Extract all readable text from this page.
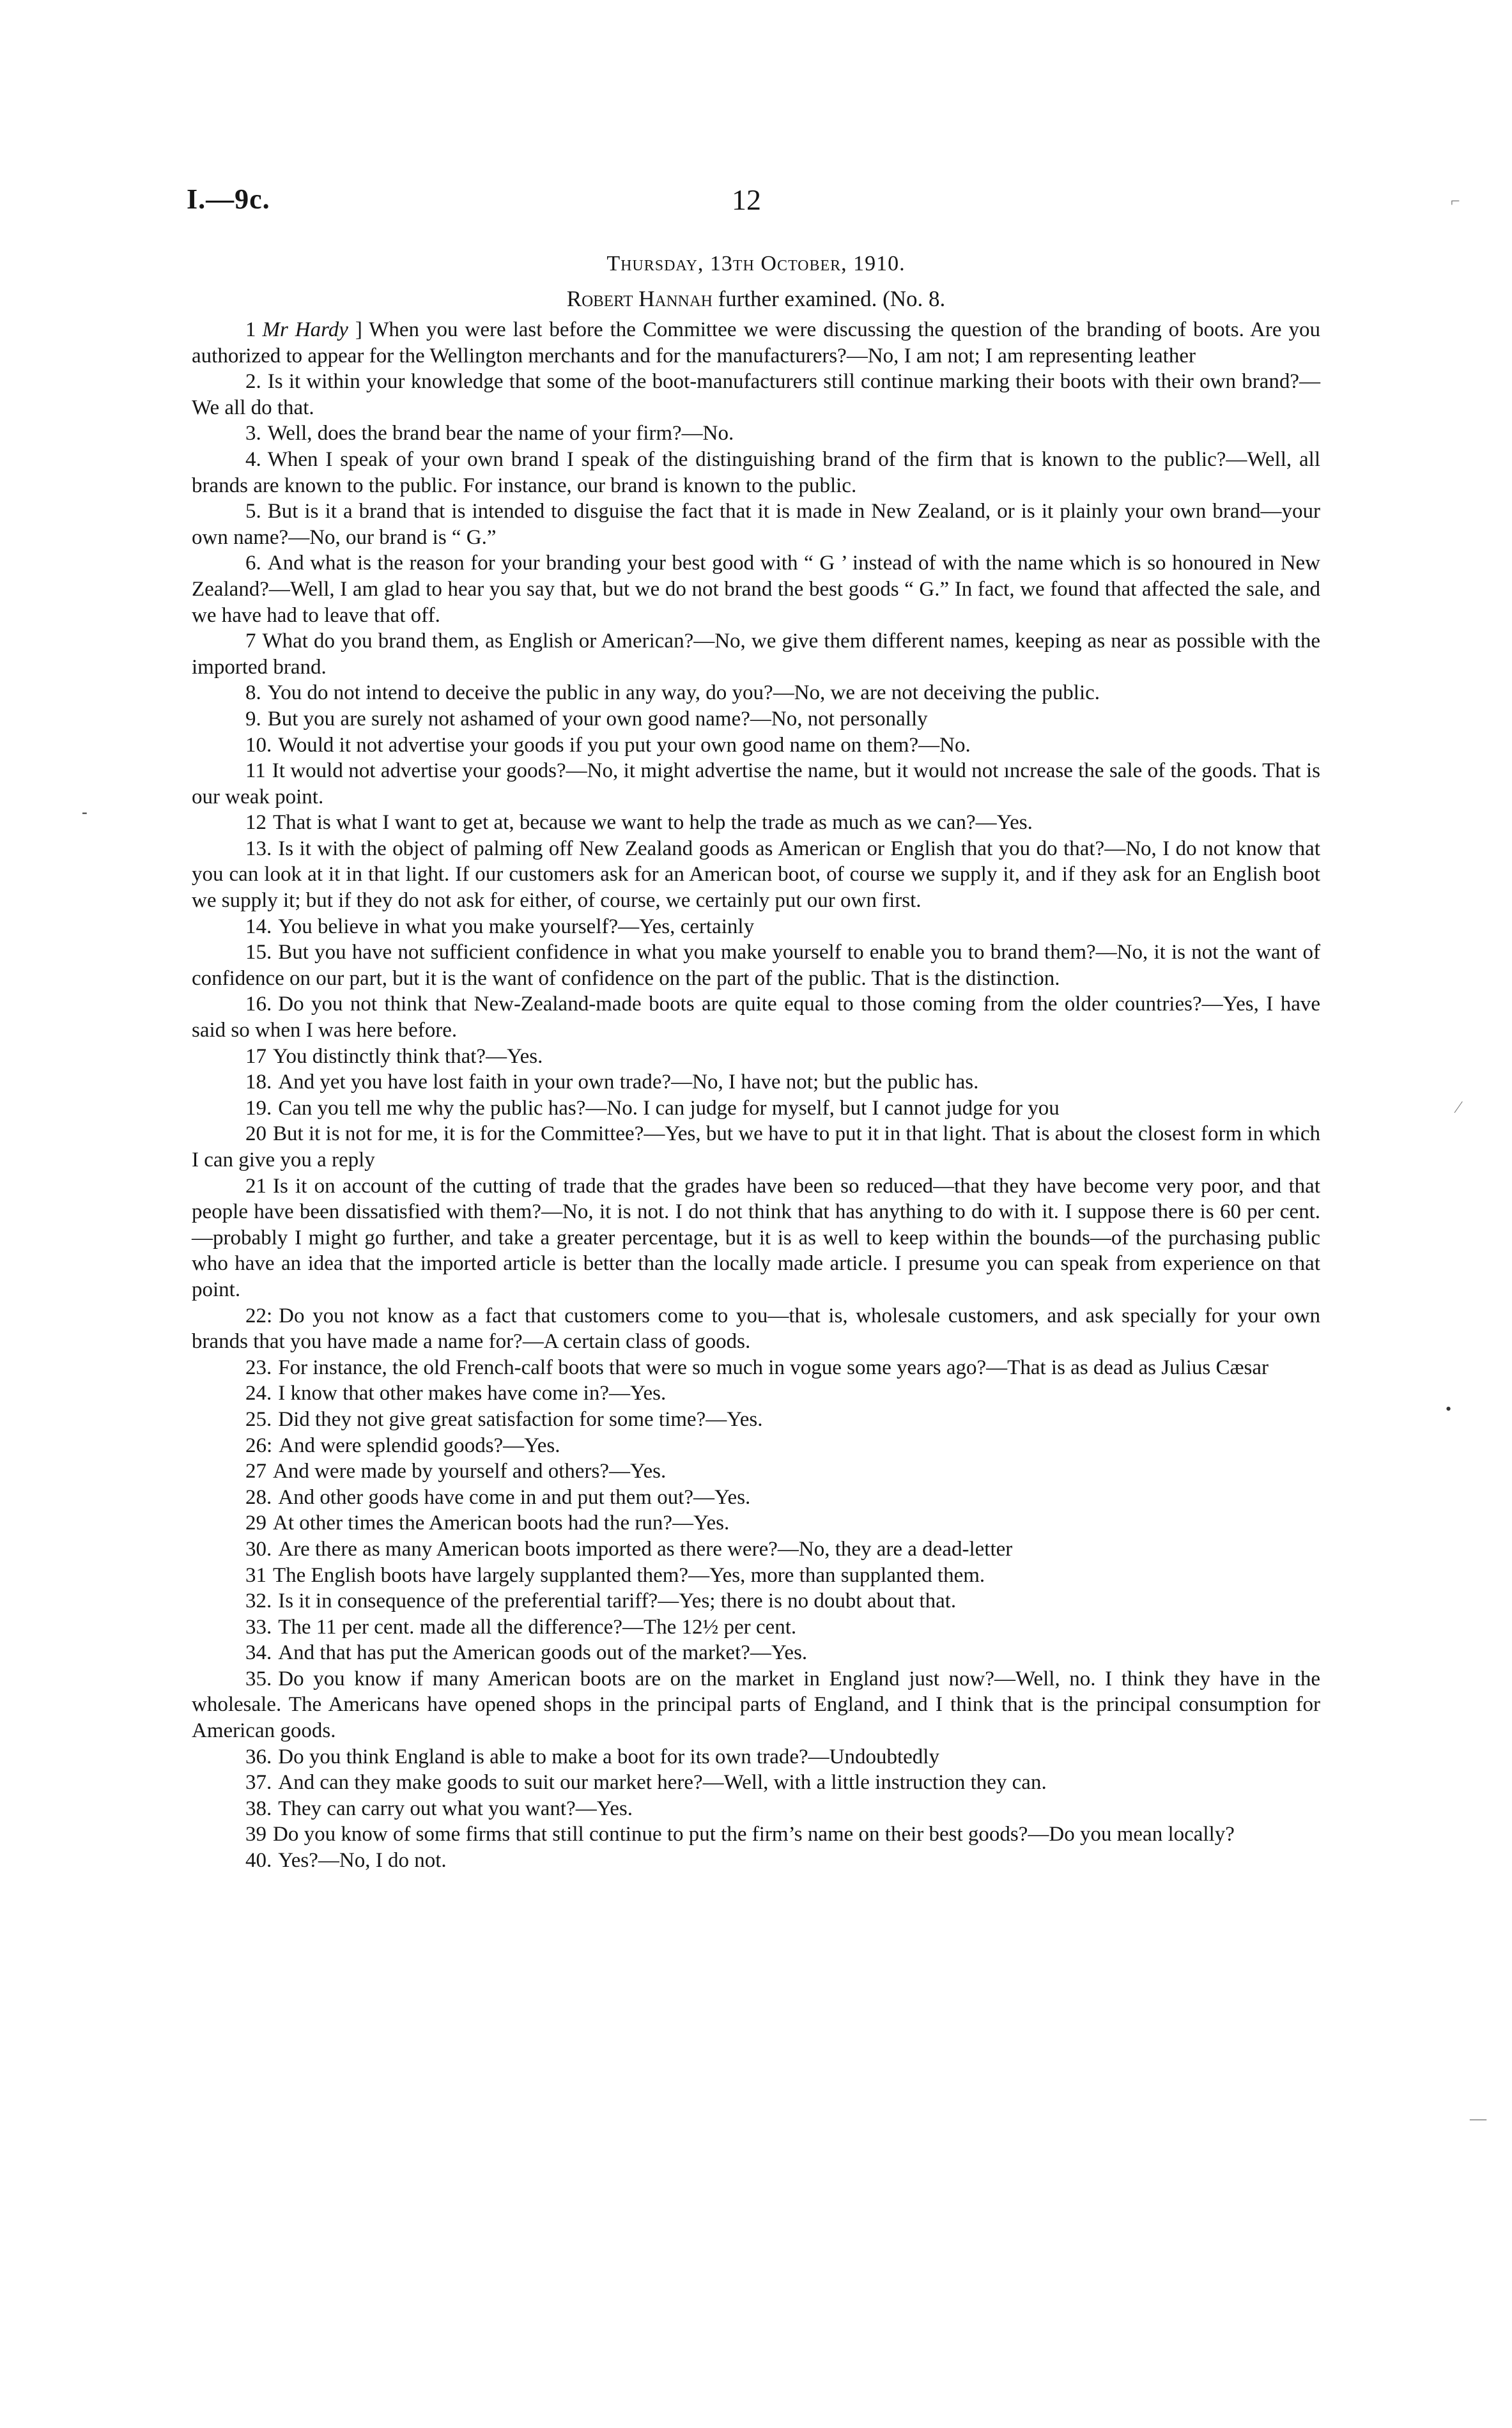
I.—9c.	12
Thursday, 13th October, 1910.
Robert Hannah further examined. (No. 8.

1 Mr Hardy ] When you were last before the Committee we were discussing the question of the branding of boots. Are you authorized to appear for the Wellington merchants and for the manufacturers?—No, I am not; I am representing leather

2. Is it within your knowledge that some of the boot-manufacturers still continue marking their boots with their own brand?—We all do that.

3. Well, does the brand bear the name of your firm?—No.

4. When I speak of your own brand I speak of the distinguishing brand of the firm that is known to the public?—Well, all brands are known to the public. For instance, our brand is known to the public.

5. But is it a brand that is intended to disguise the fact that it is made in New Zealand, or is it plainly your own brand—your own name?—No, our brand is “ G.”

6. And what is the reason for your branding your best good with “ G ’ instead of with the name which is so honoured in New Zealand?—Well, I am glad to hear you say that, but we do not brand the best goods “ G.” In fact, we found that affected the sale, and we have had to leave that off.

7 What do you brand them, as English or American?—No, we give them different names, keeping as near as possible with the imported brand.

8. You do not intend to deceive the public in any way, do you?—No, we are not deceiving the public.

9. But you are surely not ashamed of your own good name?—No, not personally

10. Would it not advertise your goods if you put your own good name on them?—No.

11 It would not advertise your goods?—No, it might advertise the name, but it would not ıncrease the sale of the goods. That is our weak point.

12 That is what I want to get at, because we want to help the trade as much as we can?—Yes.

13. Is it with the object of palming off New Zealand goods as American or English that you do that?—No, I do not know that you can look at it in that light. If our customers ask for an American boot, of course we supply it, and if they ask for an English boot we supply it; but if they do not ask for either, of course, we certainly put our own first.

14. You believe in what you make yourself?—Yes, certainly

15. But you have not sufficient confidence in what you make yourself to enable you to brand them?—No, it is not the want of confidence on our part, but it is the want of confidence on the part of the public. That is the distinction.

16. Do you not think that New-Zealand-made boots are quite equal to those coming from the older countries?—Yes, I have said so when I was here before.

17 You distinctly think that?—Yes.

18. And yet you have lost faith in your own trade?—No, I have not; but the public has.

19. Can you tell me why the public has?—No. I can judge for myself, but I cannot judge for you

20 But it is not for me, it is for the Committee?—Yes, but we have to put it in that light. That is about the closest form in which I can give you a reply

21 Is it on account of the cutting of trade that the grades have been so reduced—that they have become very poor, and that people have been dissatisfied with them?—No, it is not. I do not think that has anything to do with it. I suppose there is 60 per cent.—probably I might go further, and take a greater percentage, but it is as well to keep within the bounds—of the purchasing public who have an idea that the imported article is better than the locally made article. I presume you can speak from experience on that point.

22: Do you not know as a fact that customers come to you—that is, wholesale customers, and ask specially for your own brands that you have made a name for?—A certain class of goods.

23. For instance, the old French-calf boots that were so much in vogue some years ago?—That is as dead as Julius Cæsar

24. I know that other makes have come in?—Yes.

25. Did they not give great satisfaction for some time?—Yes.

26: And were splendid goods?—Yes.

27 And were made by yourself and others?—Yes.

28. And other goods have come in and put them out?—Yes.

29 At other times the American boots had the run?—Yes.

30. Are there as many American boots imported as there were?—No, they are a dead-letter

31 The English boots have largely supplanted them?—Yes, more than supplanted them.

32. Is it in consequence of the preferential tariff?—Yes; there is no doubt about that.

33. The 11 per cent. made all the difference?—The 12½ per cent.

34. And that has put the American goods out of the market?—Yes.

35. Do you know if many American boots are on the market in England just now?—Well, no. I think they have in the wholesale. The Americans have opened shops in the principal parts of England, and I think that is the principal consumption for American goods.

36. Do you think England is able to make a boot for its own trade?—Undoubtedly

37. And can they make goods to suit our market here?—Well, with a little instruction they can.

38. They can carry out what you want?—Yes.

39 Do you know of some firms that still continue to put the firm’s name on their best goods?—Do you mean locally?

40. Yes?—No, I do not.

⌐
⁄
•
-
—
